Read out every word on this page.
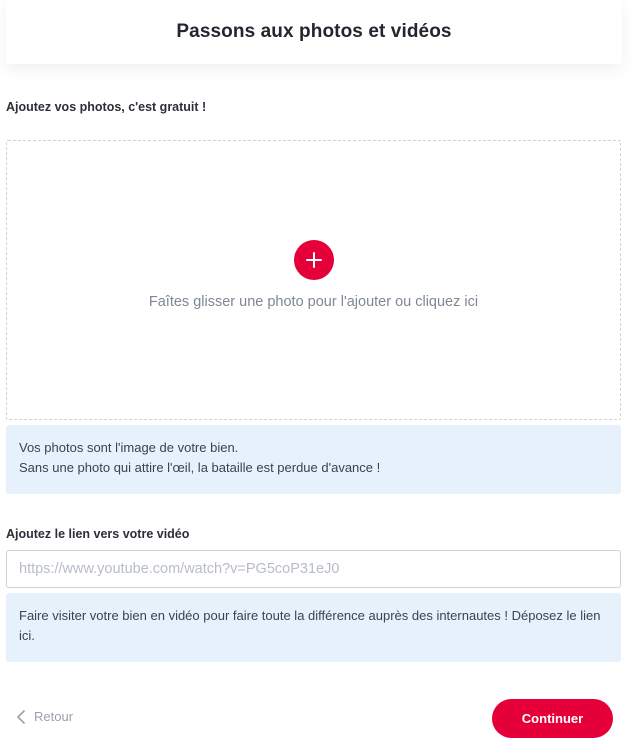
Passons aux photos et vidéos
Ajoutez vos photos, c'est gratuit !
Faîtes glisser une photo pour l'ajouter ou cliquez ici
Vos photos sont l'image de votre bien.
Sans une photo qui attire l'œil, la bataille est perdue d'avance !
Ajoutez le lien vers votre vidéo
https://www.youtube.com/watch?v=PG5coP31eJ0
Faire visiter votre bien en vidéo pour faire toute la différence auprès des internautes ! Déposez le lien ici.
Retour	Continuer
